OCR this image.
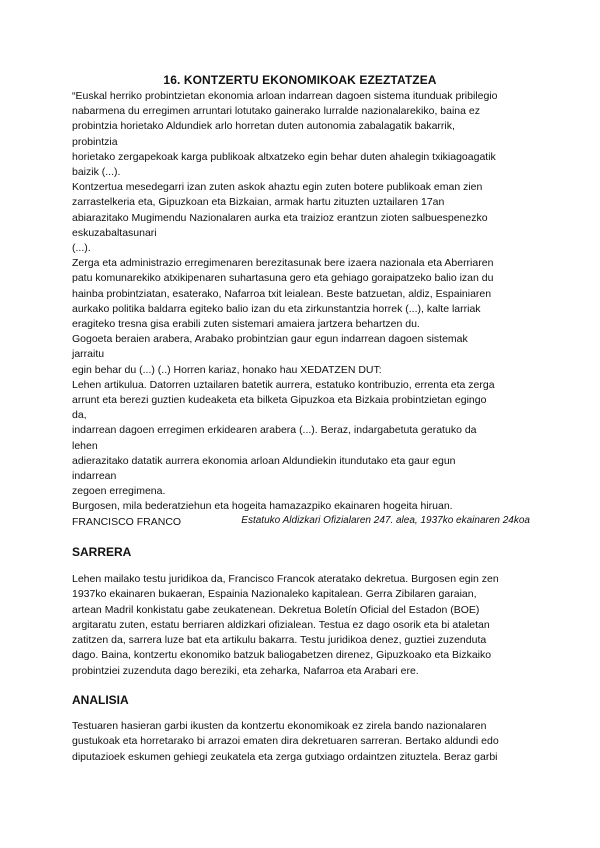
16. KONTZERTU EKONOMIKOAK EZEZTATZEA
“Euskal herriko probintzietan ekonomia arloan indarrean dagoen sistema itunduak pribilegio
nabarmena du erregimen arruntari lotutako gainerako lurralde nazionalarekiko, baina ez
probintzia horietako Aldundiek arlo horretan duten autonomia zabalagatik bakarrik,
probintzia
horietako zergapekoak karga publikoak altxatzeko egin behar duten ahalegin txikiagoagatik
baizik (...).
Kontzertua mesedegarri izan zuten askok ahaztu egin zuten botere publikoak eman zien
zarrastelkeria eta, Gipuzkoan eta Bizkaian, armak hartu zituzten uztailaren 17an
abiarazitako Mugimendu Nazionalaren aurka eta traizioz erantzun zioten salbuespenezko
eskuzabaltasunari
(...).
Zerga eta administrazio erregimenaren berezitasunak bere izaera nazionala eta Aberriaren
patu komunarekiko atxikipenaren suhartasuna gero eta gehiago goraipatzeko balio izan du
hainba probintziatan, esaterako, Nafarroa txit leialean. Beste batzuetan, aldiz, Espainiaren
aurkako politika baldarra egiteko balio izan du eta zirkunstantzia horrek (...), kalte larriak
eragiteko tresna gisa erabili zuten sistemari amaiera jartzera behartzen du.
Gogoeta beraien arabera, Arabako probintzian gaur egun indarrean dagoen sistemak
jarraitu
egin behar du (...) (..) Horren kariaz, honako hau XEDATZEN DUT:
Lehen artikulua. Datorren uztailaren batetik aurrera, estatuko kontribuzio, errenta eta zerga
arrunt eta berezi guztien kudeaketa eta bilketa Gipuzkoa eta Bizkaia probintzietan egingo
da,
indarrean dagoen erregimen erkidearen arabera (...). Beraz, indargabetuta geratuko da
lehen
adierazitako datatik aurrera ekonomia arloan Aldundiekin itundutako eta gaur egun
indarrean
zegoen erregimena.
Burgosen, mila bederatziehun eta hogeita hamazazpiko ekainaren hogeita hiruan.
FRANCISCO FRANCO	Estatuko Aldizkari Ofizialaren 247. alea, 1937ko ekainaren 24koa
SARRERA
Lehen mailako testu juridikoa da, Francisco Francok ateratako dekretua. Burgosen egin zen
1937ko ekainaren bukaeran, Espainia Nazionaleko kapitalean. Gerra Zibilaren garaian,
artean Madril konkistatu gabe zeukatenean. Dekretua Boletín Oficial del Estadon (BOE)
argitaratu zuten, estatu berriaren aldizkari ofizialean. Testua ez dago osorik eta bi ataletan
zatitzen da, sarrera luze bat eta artikulu bakarra. Testu juridikoa denez, guztiei zuzenduta
dago. Baina, kontzertu ekonomiko batzuk baliogabetzen direnez, Gipuzkoako eta Bizkaiko
probintziei zuzenduta dago bereziki, eta zeharka, Nafarroa eta Arabari ere.
ANALISIA
Testuaren hasieran garbi ikusten da kontzertu ekonomikoak ez zirela bando nazionalaren
gustukoak eta horretarako bi arrazoi ematen dira dekretuaren sarreran. Bertako aldundi edo
diputazioek eskumen gehiegi zeukatela eta zerga gutxiago ordaintzen zituztela. Beraz garbi
